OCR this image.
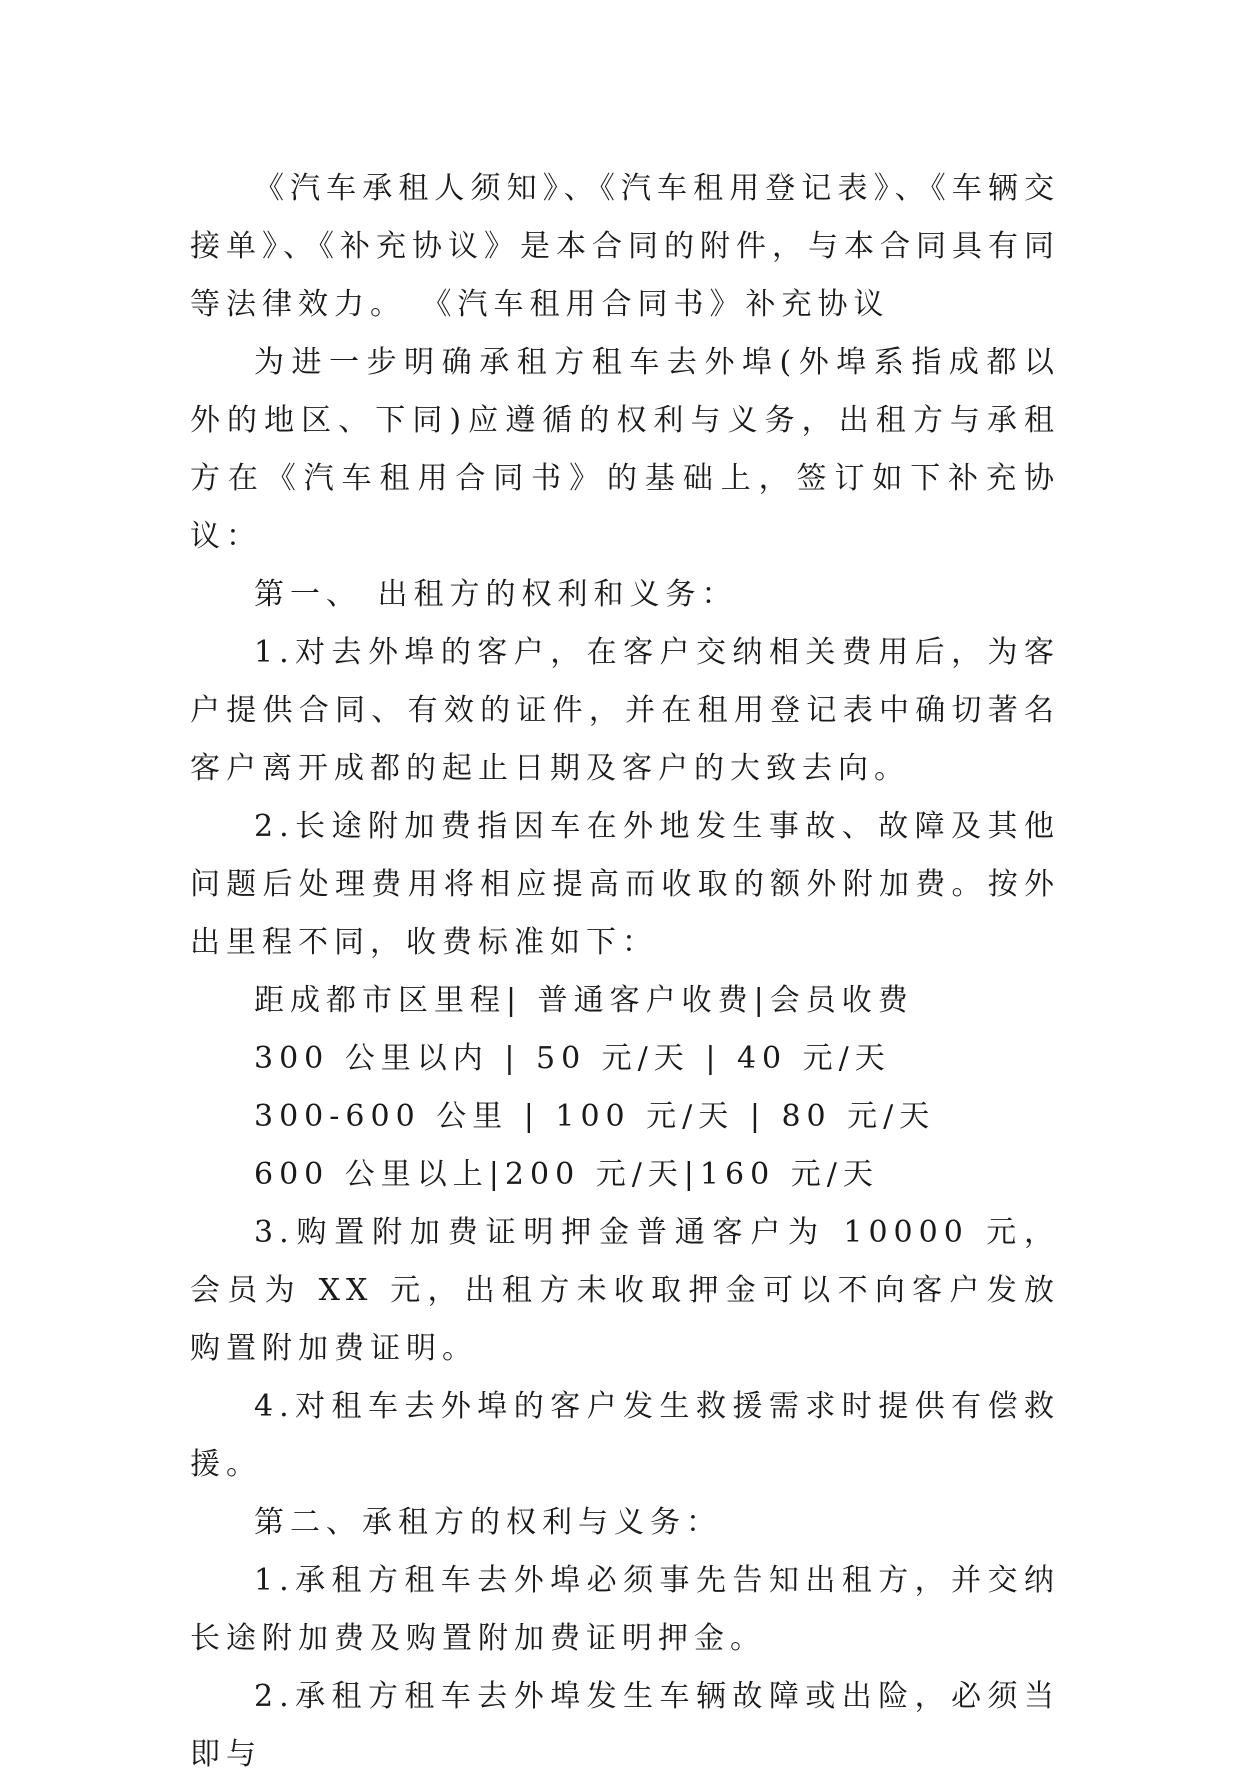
《汽车承租人须知》、《汽车租用登记表》、《车辆交接单》、《补充协议》是本合同的附件，与本合同具有同等法律效力。 《汽车租用合同书》补充协议

为进一步明确承租方租车去外埠(外埠系指成都以外的地区、下同)应遵循的权利与义务，出租方与承租方在《汽车租用合同书》的基础上，签订如下补充协议：

第一、 出租方的权利和义务：

1.对去外埠的客户，在客户交纳相关费用后，为客户提供合同、有效的证件，并在租用登记表中确切著名客户离开成都的起止日期及客户的大致去向。

2.长途附加费指因车在外地发生事故、故障及其他问题后处理费用将相应提高而收取的额外附加费。按外出里程不同，收费标准如下：

距成都市区里程| 普通客户收费|会员收费
300 公里以内 | 50 元/天 | 40 元/天
300-600 公里 | 100 元/天 | 80 元/天
600 公里以上|200 元/天|160 元/天

3.购置附加费证明押金普通客户为 10000 元，会员为 XX 元，出租方未收取押金可以不向客户发放购置附加费证明。

4.对租车去外埠的客户发生救援需求时提供有偿救援。

第二、承租方的权利与义务：

1.承租方租车去外埠必须事先告知出租方，并交纳长途附加费及购置附加费证明押金。

2.承租方租车去外埠发生车辆故障或出险，必须当即与
